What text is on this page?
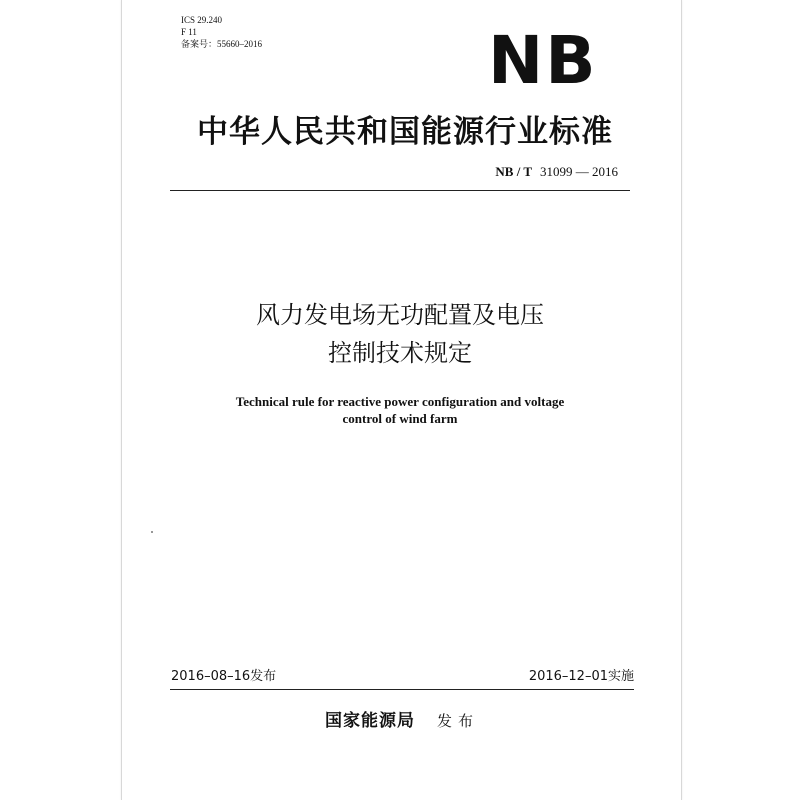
ICS 29.240
F 11
备案号：55660–2016	NB
中华人民共和国能源行业标准
NB / T 31099 — 2016
风力发电场无功配置及电压
控制技术规定
Technical rule for reactive power configuration and voltage
control of wind farm
2016–08–16发布	2016–12–01实施
国家能源局 发布
